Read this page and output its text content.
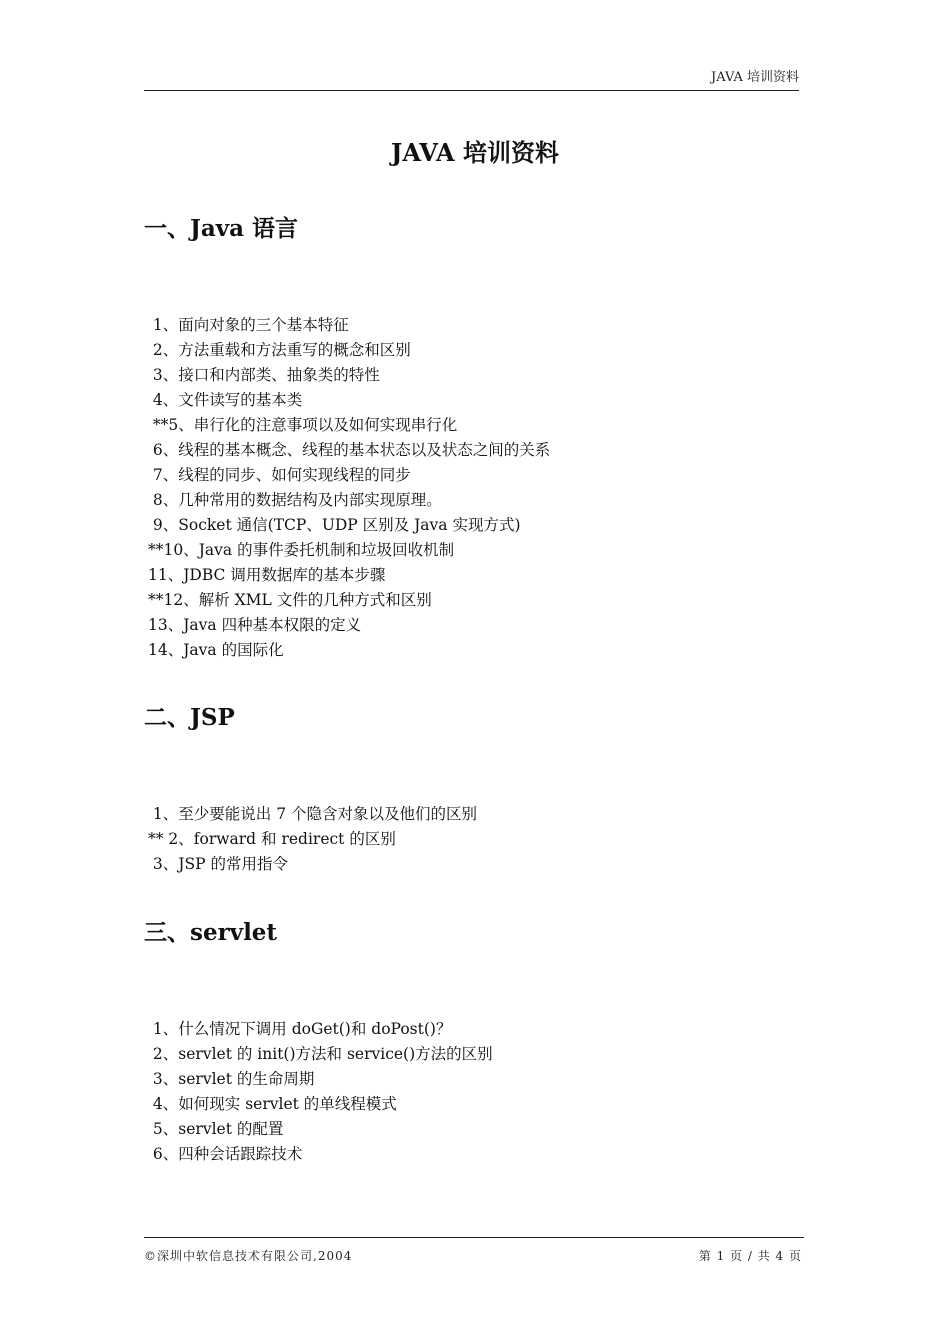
JAVA 培训资料
JAVA 培训资料
一、Java 语言
1、面向对象的三个基本特征
2、方法重载和方法重写的概念和区别
3、接口和内部类、抽象类的特性
4、文件读写的基本类
**5、串行化的注意事项以及如何实现串行化
6、线程的基本概念、线程的基本状态以及状态之间的关系
7、线程的同步、如何实现线程的同步
8、几种常用的数据结构及内部实现原理。
9、Socket 通信(TCP、UDP 区别及 Java 实现方式)
**10、Java 的事件委托机制和垃圾回收机制
11、JDBC 调用数据库的基本步骤
**12、解析 XML 文件的几种方式和区别
13、Java 四种基本权限的定义
14、Java 的国际化
二、JSP
1、至少要能说出 7 个隐含对象以及他们的区别
** 2、forward 和 redirect 的区别
3、JSP 的常用指令
三、servlet
1、什么情况下调用 doGet()和 doPost()？
2、servlet 的 init()方法和 service()方法的区别
3、servlet 的生命周期
4、如何现实 servlet 的单线程模式
5、servlet 的配置
6、四种会话跟踪技术
©深圳中软信息技术有限公司,2004	第 1 页 / 共 4 页
